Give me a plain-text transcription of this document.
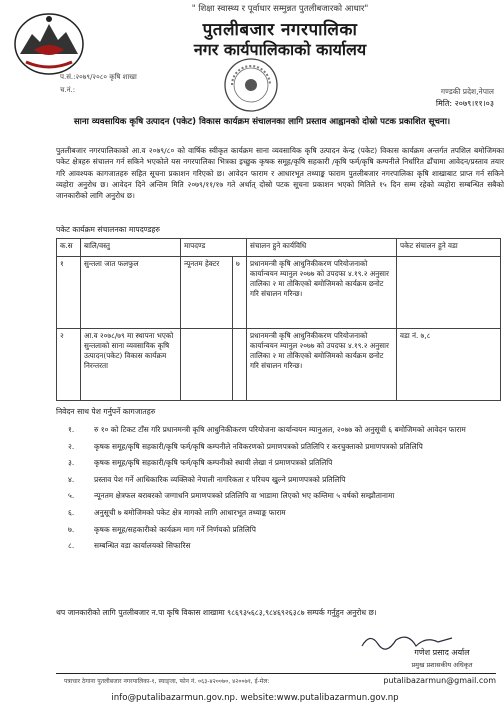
" शिक्षा स्वास्थ्य र पूर्वाधार सम्मुन्नत पुतलीबजारको आधार"
पुतलीबजार नगरपालिका
नगर कार्यपालिकाको कार्यालय
प.सं.:२०७९/२०८० कृषि शाखा
च.नं.:	गण्डकी प्रदेश,नेपाल
मिति: २०७९।११।०३
साना व्यवसायिक कृषि उत्पादन (पकेट) विकास कार्यक्रम संचालनका लागि प्रस्ताव आह्वानको दोस्रो पटक प्रकाशित सूचना।
पुतलीबजार नगरपालिकाको आ.व २०७९/८० को वार्षिक स्वीकृत कार्यक्रम साना व्यवसायिक कृषि उत्पादन केन्द्र (पकेट) विकास कार्यक्रम अन्तर्गत तपशिल बमोजिमका पकेट क्षेत्रहरु संचालन गर्न सकिने भएकोले यस नगरपालिका भित्रका इच्छुक कृषक समूह/कृषि सहकारी /कृषि फर्म/कृषि कम्पनीले निर्धारित ढाँचामा आवेदन/प्रस्ताव तयार गरि आवश्यक कागजातहरु सहित सूचना प्रकाशन गरिएको छ। आवेदन फाराम र आधारभूत तथ्याङ्क फाराम पुतलीबजार नगरपालिका कृषि शाखाबाट प्राप्त गर्न सकिने व्यहोरा अनुरोध छ। आवेदन दिने अन्तिम मिति २०७९/११/१७ गते अर्थात् दोस्रो पटक सूचना प्रकाशन भएको मितिले १५ दिन सम्म रहेको व्यहोरा सम्बन्धित सबैको जानकारीको लागि अनुरोध छ।
पकेट कार्यक्रम संचालनका मापदण्डहरु
क.स	बालि/वस्तु	मापदण्ड		संचालन हुने कार्यविधि	पकेट संचालन हुने वडा
१	सुन्तला जात फलफुल	न्यूनतम हेक्टर	७	प्रधानमन्त्री कृषि आधुनिकीकरण परियोजनाको कार्यान्वयन म्यानुल २०७७ को उपदफा ४.१९.२ अनुसार तालिका २ मा तोकिएको बमोजिमको कार्यक्रम छनोट गरि संचालन गरिन्छ।	
२	आ.व २०७८/७९ मा स्थापना भएको सुन्तलाको साना व्यवसायिक कृषि उत्पादन(पकेट) विकास कार्यक्रम निरन्तरता			प्रधानमन्त्री कृषि आधुनिकीकरण परियोजनाको कार्यान्वयन म्यानुल २०७७ को उपदफा ४.१९.२ अनुसार तालिका २ मा तोकिएको बमोजिमको कार्यक्रम छनोट गरि संचालन गरिन्छ।	वडा नं. ७,८
निवेदन साथ पेश गर्नुपर्ने कागजातहरु
१.	रु १० को टिकट टाँस गरि प्रधानमन्त्री कृषि आधुनिकीकरण परियोजना कार्यान्वयन म्यानुअल, २०७७ को अनुसूची ६ बमोजिमको आवेदन फाराम
२.	कृषक समूह/कृषि सहकारी/कृषि फर्म/कृषि कम्पनीले नविकरणको प्रमाणपत्रको प्रतिलिपि र करचुक्ताको प्रमाणपत्रको प्रतिलिपि
३.	कृषक समूह/कृषि सहकारी/कृषि फर्म/कृषि कम्पनीको स्थायी लेखा नं प्रमाणपत्रको प्रतिलिपि
४.	प्रस्ताव पेश गर्ने आधिकारिक व्यक्तिको नेपाली नागरिकता र परिचय खुल्ने प्रमाणपत्रको प्रतिलिपि
५.	न्यूनतम क्षेत्रफल बराबरको जग्गाधनि प्रमाणपत्रको प्रतिलिपि वा भाडामा लिएको भए कम्तिमा ५ वर्षको सम्झौतानामा
६.	अनुसूची ७ बमोजिमको पकेट क्षेत्र मागको लागि आधारभूत तथ्याङ्क फाराम
७.	कृषक समूह/सहकारीको कार्यक्रम माग गर्ने निर्णयको प्रतिलिपि
८.	सम्बन्धित वडा कार्यालयको सिफारिस
थप जानकारीको लागि पुतलीबजार न.पा कृषि विकास शाखामा ९८६९३५६८३,९८४६९२६३८७ सम्पर्क गर्नुहुन अनुरोध छ।
गणेश प्रसाद अर्याल
प्रमुख प्रशासकीय अधिकृत
पत्राचार ठेगाना पुतलीबजार नगरपालिका-१, स्याङ्जा, फोन नं. ०६३-४२००७०, ४२००७१, ई-मेल:	putalibazarmun@gmail.com
info@putalibazarmun.gov.np. website:www.putalibazarmun.gov.np
